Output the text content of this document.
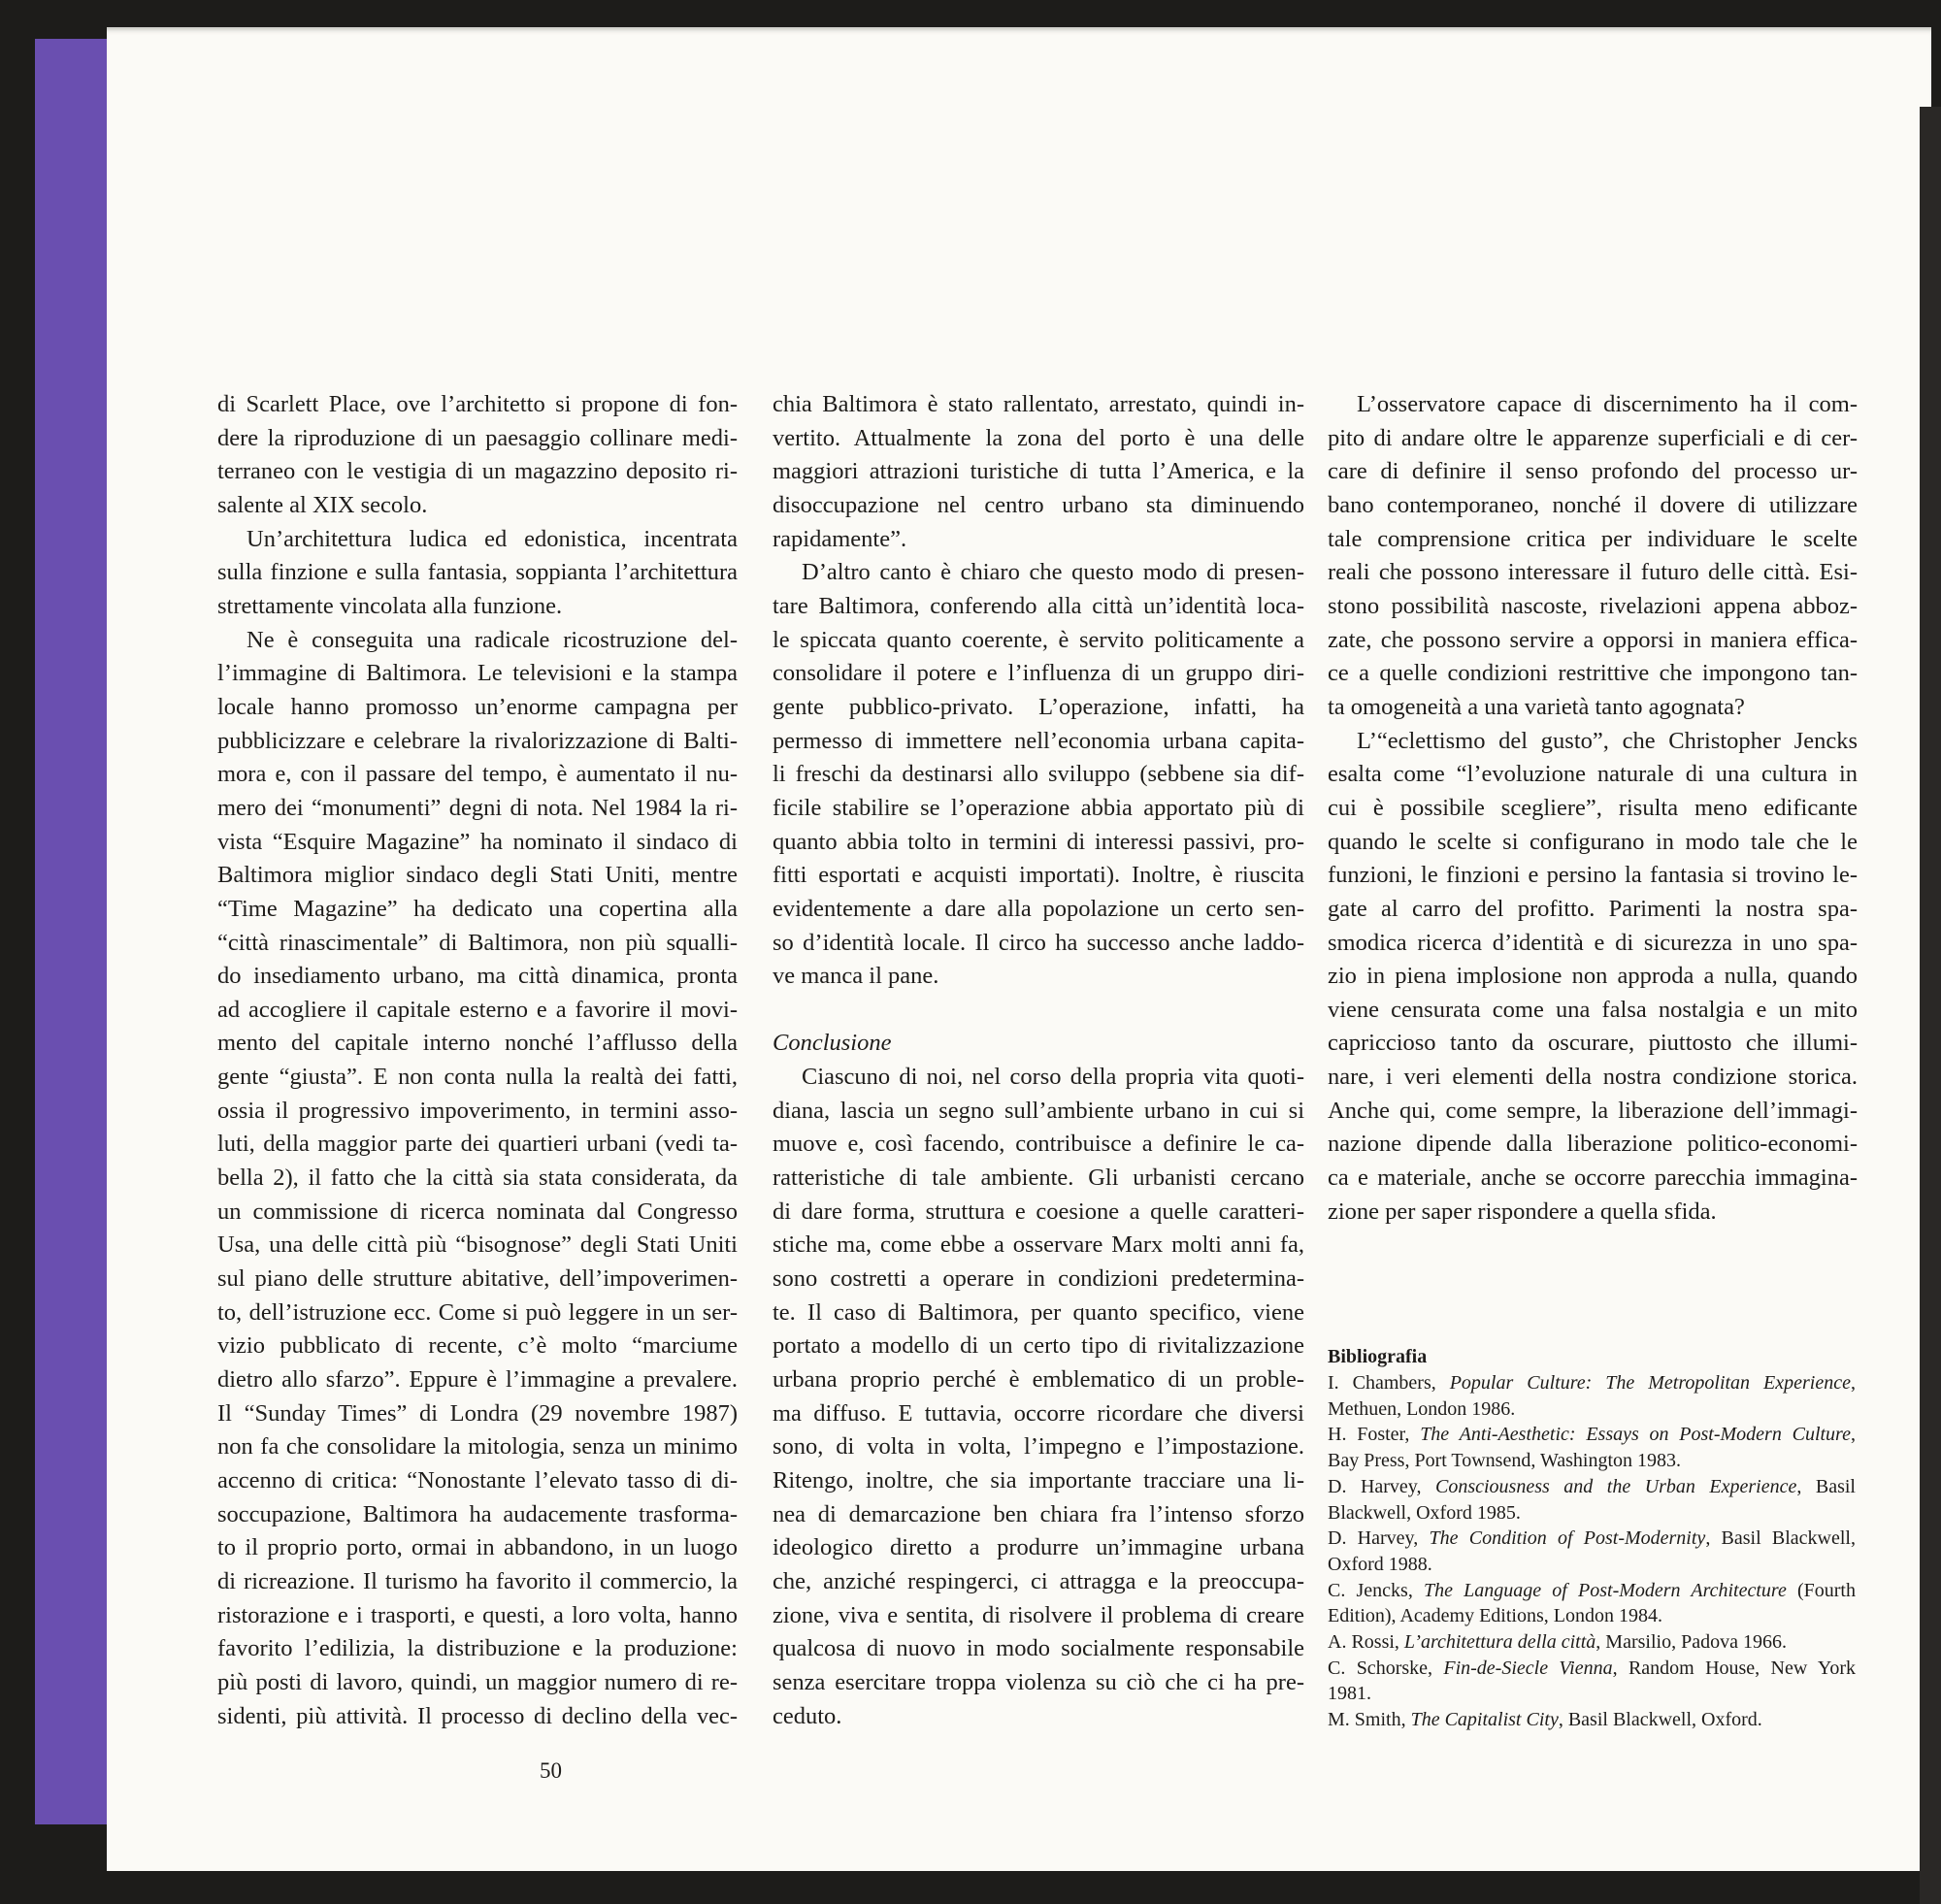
di Scarlett Place, ove l’architetto si propone di fon-
dere la riproduzione di un paesaggio collinare medi-
terraneo con le vestigia di un magazzino deposito ri-
salente al XIX secolo.
Un’architettura ludica ed edonistica, incentrata
sulla finzione e sulla fantasia, soppianta l’architettura
strettamente vincolata alla funzione.
Ne è conseguita una radicale ricostruzione del-
l’immagine di Baltimora. Le televisioni e la stampa
locale hanno promosso un’enorme campagna per
pubblicizzare e celebrare la rivalorizzazione di Balti-
mora e, con il passare del tempo, è aumentato il nu-
mero dei “monumenti” degni di nota. Nel 1984 la ri-
vista “Esquire Magazine” ha nominato il sindaco di
Baltimora miglior sindaco degli Stati Uniti, mentre
“Time Magazine” ha dedicato una copertina alla
“città rinascimentale” di Baltimora, non più squalli-
do insediamento urbano, ma città dinamica, pronta
ad accogliere il capitale esterno e a favorire il movi-
mento del capitale interno nonché l’afflusso della
gente “giusta”. E non conta nulla la realtà dei fatti,
ossia il progressivo impoverimento, in termini asso-
luti, della maggior parte dei quartieri urbani (vedi ta-
bella 2), il fatto che la città sia stata considerata, da
un commissione di ricerca nominata dal Congresso
Usa, una delle città più “bisognose” degli Stati Uniti
sul piano delle strutture abitative, dell’impoverimen-
to, dell’istruzione ecc. Come si può leggere in un ser-
vizio pubblicato di recente, c’è molto “marciume
dietro allo sfarzo”. Eppure è l’immagine a prevalere.
Il “Sunday Times” di Londra (29 novembre 1987)
non fa che consolidare la mitologia, senza un minimo
accenno di critica: “Nonostante l’elevato tasso di di-
soccupazione, Baltimora ha audacemente trasforma-
to il proprio porto, ormai in abbandono, in un luogo
di ricreazione. Il turismo ha favorito il commercio, la
ristorazione e i trasporti, e questi, a loro volta, hanno
favorito l’edilizia, la distribuzione e la produzione:
più posti di lavoro, quindi, un maggior numero di re-
sidenti, più attività. Il processo di declino della vec-
chia Baltimora è stato rallentato, arrestato, quindi in-
vertito. Attualmente la zona del porto è una delle
maggiori attrazioni turistiche di tutta l’America, e la
disoccupazione nel centro urbano sta diminuendo
rapidamente”.
D’altro canto è chiaro che questo modo di presen-
tare Baltimora, conferendo alla città un’identità loca-
le spiccata quanto coerente, è servito politicamente a
consolidare il potere e l’influenza di un gruppo diri-
gente pubblico-privato. L’operazione, infatti, ha
permesso di immettere nell’economia urbana capita-
li freschi da destinarsi allo sviluppo (sebbene sia dif-
ficile stabilire se l’operazione abbia apportato più di
quanto abbia tolto in termini di interessi passivi, pro-
fitti esportati e acquisti importati). Inoltre, è riuscita
evidentemente a dare alla popolazione un certo sen-
so d’identità locale. Il circo ha successo anche laddo-
ve manca il pane.
Conclusione
Ciascuno di noi, nel corso della propria vita quoti-
diana, lascia un segno sull’ambiente urbano in cui si
muove e, così facendo, contribuisce a definire le ca-
ratteristiche di tale ambiente. Gli urbanisti cercano
di dare forma, struttura e coesione a quelle caratteri-
stiche ma, come ebbe a osservare Marx molti anni fa,
sono costretti a operare in condizioni predetermina-
te. Il caso di Baltimora, per quanto specifico, viene
portato a modello di un certo tipo di rivitalizzazione
urbana proprio perché è emblematico di un proble-
ma diffuso. E tuttavia, occorre ricordare che diversi
sono, di volta in volta, l’impegno e l’impostazione.
Ritengo, inoltre, che sia importante tracciare una li-
nea di demarcazione ben chiara fra l’intenso sforzo
ideologico diretto a produrre un’immagine urbana
che, anziché respingerci, ci attragga e la preoccupa-
zione, viva e sentita, di risolvere il problema di creare
qualcosa di nuovo in modo socialmente responsabile
senza esercitare troppa violenza su ciò che ci ha pre-
ceduto.
L’osservatore capace di discernimento ha il com-
pito di andare oltre le apparenze superficiali e di cer-
care di definire il senso profondo del processo ur-
bano contemporaneo, nonché il dovere di utilizzare
tale comprensione critica per individuare le scelte
reali che possono interessare il futuro delle città. Esi-
stono possibilità nascoste, rivelazioni appena abboz-
zate, che possono servire a opporsi in maniera effica-
ce a quelle condizioni restrittive che impongono tan-
ta omogeneità a una varietà tanto agognata?
L’“eclettismo del gusto”, che Christopher Jencks
esalta come “l’evoluzione naturale di una cultura in
cui è possibile scegliere”, risulta meno edificante
quando le scelte si configurano in modo tale che le
funzioni, le finzioni e persino la fantasia si trovino le-
gate al carro del profitto. Parimenti la nostra spa-
smodica ricerca d’identità e di sicurezza in uno spa-
zio in piena implosione non approda a nulla, quando
viene censurata come una falsa nostalgia e un mito
capriccioso tanto da oscurare, piuttosto che illumi-
nare, i veri elementi della nostra condizione storica.
Anche qui, come sempre, la liberazione dell’immagi-
nazione dipende dalla liberazione politico-economi-
ca e materiale, anche se occorre parecchia immagina-
zione per saper rispondere a quella sfida.
Bibliografia
I. Chambers, Popular Culture: The Metropolitan Experience,
Methuen, London 1986.
H. Foster, The Anti-Aesthetic: Essays on Post-Modern Culture,
Bay Press, Port Townsend, Washington 1983.
D. Harvey, Consciousness and the Urban Experience, Basil
Blackwell, Oxford 1985.
D. Harvey, The Condition of Post-Modernity, Basil Blackwell,
Oxford 1988.
C. Jencks, The Language of Post-Modern Architecture (Fourth
Edition), Academy Editions, London 1984.
A. Rossi, L’architettura della città, Marsilio, Padova 1966.
C. Schorske, Fin-de-Siecle Vienna, Random House, New York
1981.
M. Smith, The Capitalist City, Basil Blackwell, Oxford.
50
